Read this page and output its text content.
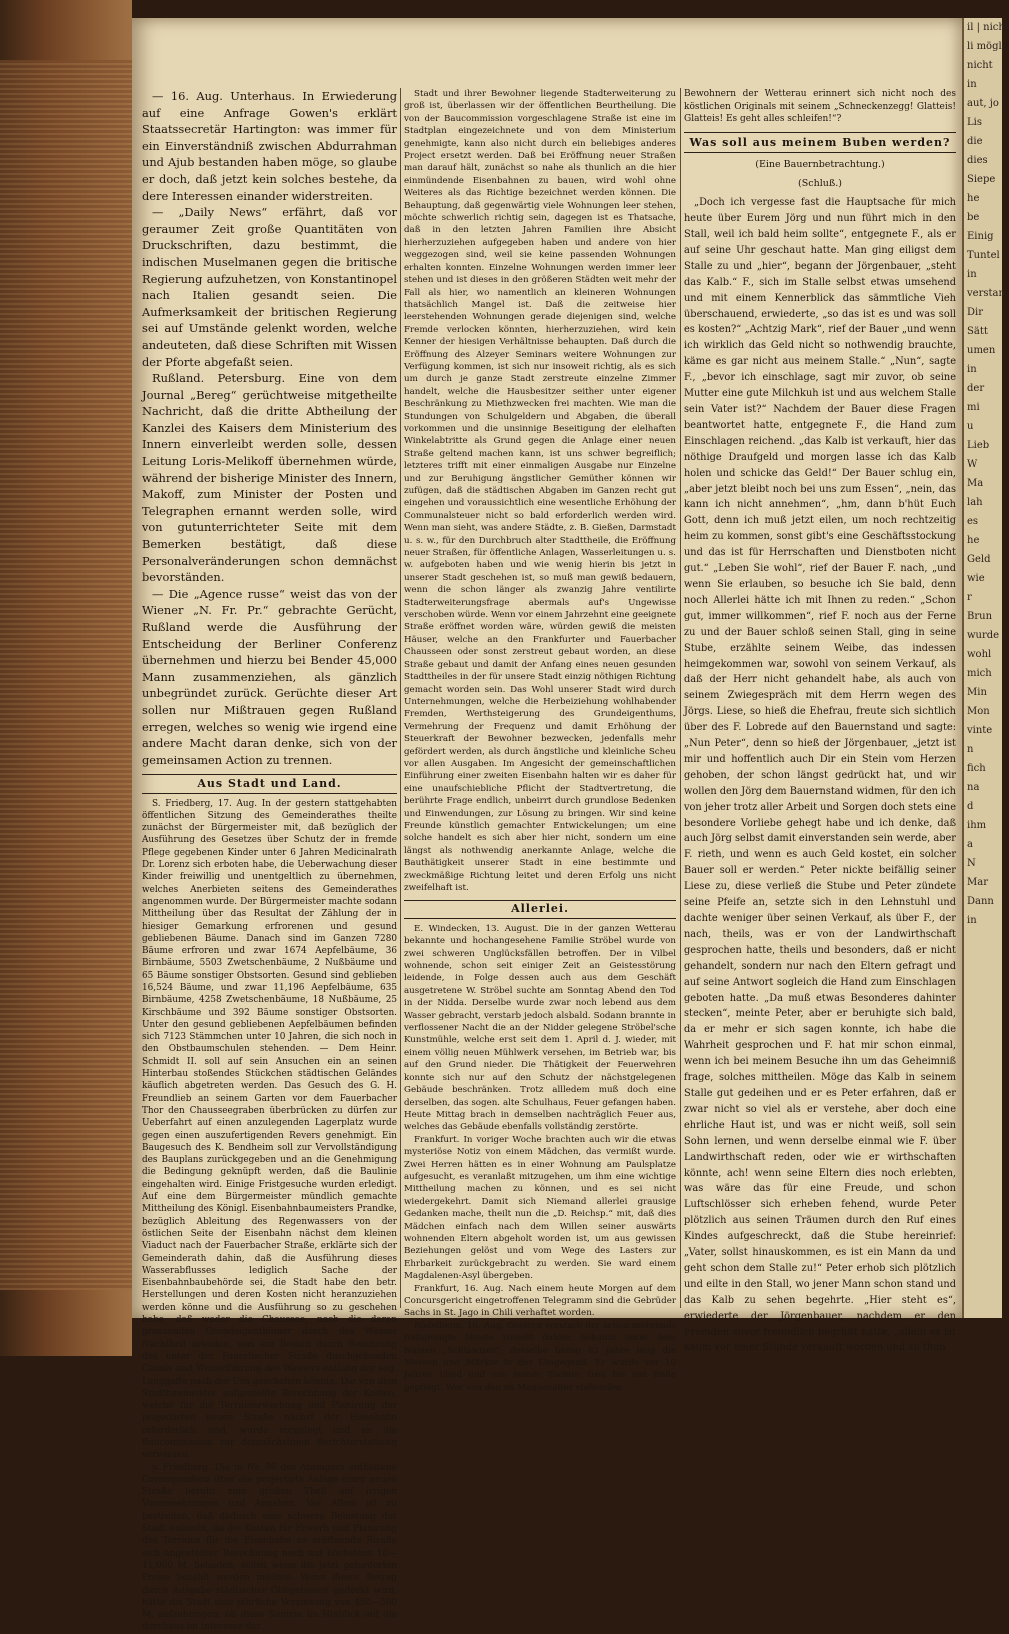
— 16. Aug. Unterhaus. In Erwiederung auf eine Anfrage Gowen's erklärt Staatssecretär Hartington: was immer für ein Einverständniß zwischen Abdurrahman und Ajub bestanden haben möge, so glaube er doch, daß jetzt kein solches bestehe, da dere Interessen einander widerstreiten.

— „Daily News“ erfährt, daß vor geraumer Zeit große Quantitäten von Druckschriften, dazu bestimmt, die indischen Muselmanen gegen die britische Regierung aufzuhetzen, von Konstantinopel nach Italien gesandt seien. Die Aufmerksamkeit der britischen Regierung sei auf Umstände gelenkt worden, welche andeuteten, daß diese Schriften mit Wissen der Pforte abgefaßt seien.

Rußland. Petersburg. Eine von dem Journal „Bereg“ gerüchtweise mitgetheilte Nachricht, daß die dritte Abtheilung der Kanzlei des Kaisers dem Ministerium des Innern einverleibt werden solle, dessen Leitung Loris-Melikoff übernehmen würde, während der bisherige Minister des Innern, Makoff, zum Minister der Posten und Telegraphen ernannt werden solle, wird von gutunterrichteter Seite mit dem Bemerken bestätigt, daß diese Personalveränderungen schon demnächst bevorständen.

— Die „Agence russe“ weist das von der Wiener „N. Fr. Pr.“ gebrachte Gerücht, Rußland werde die Ausführung der Entscheidung der Berliner Conferenz übernehmen und hierzu bei Bender 45,000 Mann zusammenziehen, als gänzlich unbegründet zurück. Gerüchte dieser Art sollen nur Mißtrauen gegen Rußland erregen, welches so wenig wie irgend eine andere Macht daran denke, sich von der gemeinsamen Action zu trennen.

Aus Stadt und Land.

S. Friedberg, 17. Aug. In der gestern stattgehabten öffentlichen Sitzung des Gemeinderathes theilte zunächst der Bürgermeister mit, daß bezüglich der Ausführung des Gesetzes über Schutz der in fremde Pflege gegebenen Kinder unter 6 Jahren Medicinalrath Dr. Lorenz sich erboten habe, die Ueberwachung dieser Kinder freiwillig und unentgeltlich zu übernehmen, welches Anerbieten seitens des Gemeinderathes angenommen wurde. Der Bürgermeister machte sodann Mittheilung über das Resultat der Zählung der in hiesiger Gemarkung erfrorenen und gesund gebliebenen Bäume. Danach sind im Ganzen 7280 Bäume erfroren und zwar 1674 Aepfelbäume, 36 Birnbäume, 5503 Zwetschenbäume, 2 Nußbäume und 65 Bäume sonstiger Obstsorten. Gesund sind geblieben 16,524 Bäume, und zwar 11,196 Aepfelbäume, 635 Birnbäume, 4258 Zwetschenbäume, 18 Nußbäume, 25 Kirschbäume und 392 Bäume sonstiger Obstsorten. Unter den gesund gebliebenen Aepfelbäumen befinden sich 7123 Stämmchen unter 10 Jahren, die sich noch in den Obstbaumschulen stehenden. — Dem Heinr. Schmidt II. soll auf sein Ansuchen ein an seinen Hinterbau stoßendes Stückchen städtischen Geländes käuflich abgetreten werden. Das Gesuch des G. H. Freundlieb an seinem Garten vor dem Fauerbacher Thor den Chausseegraben überbrücken zu dürfen zur Ueberfahrt auf einen anzulegenden Lagerplatz wurde gegen einen auszufertigenden Revers genehmigt. Ein Baugesuch des K. Bendheim soll zur Vervollständigung des Bauplans zurückgegeben und an die Genehmigung die Bedingung geknüpft werden, daß die Baulinie eingehalten wird. Einige Fristgesuche wurden erledigt. Auf eine dem Bürgermeister mündlich gemachte Mittheilung des Königl. Eisenbahnbaumeisters Prandke, bezüglich Ableitung des Regenwassers von der östlichen Seite der Eisenbahn nächst dem kleinen Viaduct nach der Fauerbacher Straße, erklärte sich der Gemeinderath dahin, daß die Ausführung dieses Wasserabflusses lediglich Sache der Eisenbahnbaubehörde sei, die Stadt habe den betr. Herstellungen und deren Kosten nicht heranzuziehen werden könne und die Ausführung so zu geschehen habe, daß weder die Chaussee, noch die daran grenzenden Grundeigenthümer durch das Wasser Nachtheil erleiden, was am Besten durch Benutzung des unter der Fauerbacher Straße durchgehenden Canals und Weiterführung des Wassers entlang der sog. Langgaffe nach der Usa geschehen könnte. Die von dem Stadtbaumeister aufgestellte Berechnung der Kosten, welche für die Terrainerwerbung und Planirung der projectirten neuen Straße nächst der Eisenbahn erforderlich sind, wurde vorgelegt und an die Baucommission zur demnächstigen Berichterstattung verwiesen.

y. Friedberg. Die in Nr. 96 des Anzeigers enthaltene Correspondenz über die projectirte Anlage einer neuen Straße beruht zum großen Theil auf irrigen Voraussetzungen und Angaben. Vor Allem ist zu bestreiten, daß dadurch eine schwere Belastung der Stadt entsteht, da die Kosten für Erwerb und Planirung des Terrains für die Eisenbahn zu eröffnende Straße sich angestellter Berechnung nach auf höchstens 10—11,000 M. belaufen, selbst wenn die jetzt geforderten Preise bezahlt werden müßten. Wenn dieser Betrag durch Ausgabe städtischer Obligationen gedeckt wird, hätte die Stadt eine jährliche Verzinsung von 450—500 M. aufzubringen; ob diese Summe im Hinblick auf die durchaus im Interesse der

Stadt und ihrer Bewohner liegende Stadterweiterung zu groß ist, überlassen wir der öffentlichen Beurtheilung. Die von der Baucommission vorgeschlagene Straße ist eine im Stadtplan eingezeichnete und von dem Ministerium genehmigte, kann also nicht durch ein beliebiges anderes Project ersetzt werden. Daß bei Eröffnung neuer Straßen man darauf hält, zunächst so nahe als thunlich an die hier einmündende Eisenbahnen zu bauen, wird wohl ohne Weiteres als das Richtige bezeichnet werden können. Die Behauptung, daß gegenwärtig viele Wohnungen leer stehen, möchte schwerlich richtig sein, dagegen ist es Thatsache, daß in den letzten Jahren Familien ihre Absicht hierherzuziehen aufgegeben haben und andere von hier weggezogen sind, weil sie keine passenden Wohnungen erhalten konnten. Einzelne Wohnungen werden immer leer stehen und ist dieses in den größeren Städten weit mehr der Fall als hier, wo namentlich an kleineren Wohnungen thatsächlich Mangel ist. Daß die zeitweise hier leerstehenden Wohnungen gerade diejenigen sind, welche Fremde verlocken könnten, hierherzuziehen, wird kein Kenner der hiesigen Verhältnisse behaupten. Daß durch die Eröffnung des Alzeyer Seminars weitere Wohnungen zur Verfügung kommen, ist sich nur insoweit richtig, als es sich um durch je ganze Stadt zerstreute einzelne Zimmer handelt, welche die Hausbesitzer seither unter eigener Beschränkung zu Miethzwecken frei machten. Wie man die Stundungen von Schulgeldern und Abgaben, die überall vorkommen und die unsinnige Beseitigung der elelhaften Winkelabtritte als Grund gegen die Anlage einer neuen Straße geltend machen kann, ist uns schwer begreiflich; letzteres trifft mit einer einmaligen Ausgabe nur Einzelne und zur Beruhigung ängstlicher Gemüther können wir zufügen, daß die städtischen Abgaben im Ganzen recht gut eingehen und voraussichtlich eine wesentliche Erhöhung der Communalsteuer nicht so bald erforderlich werden wird. Wenn man sieht, was andere Städte, z. B. Gießen, Darmstadt u. s. w., für den Durchbruch alter Stadttheile, die Eröffnung neuer Straßen, für öffentliche Anlagen, Wasserleitungen u. s. w. aufgeboten haben und wie wenig hierin bis jetzt in unserer Stadt geschehen ist, so muß man gewiß bedauern, wenn die schon länger als zwanzig Jahre ventilirte Stadterweiterungsfrage abermals auf's Ungewisse verschoben würde. Wenn vor einem Jahrzehnt eine geeignete Straße eröffnet worden wäre, würden gewiß die meisten Häuser, welche an den Frankfurter und Fauerbacher Chausseen oder sonst zerstreut gebaut worden, an diese Straße gebaut und damit der Anfang eines neuen gesunden Stadttheiles in der für unsere Stadt einzig nöthigen Richtung gemacht worden sein. Das Wohl unserer Stadt wird durch Unternehmungen, welche die Herbeiziehung wohlhabender Fremden, Werthsteigerung des Grundeigenthums, Vermehrung der Frequenz und damit Erhöhung der Steuerkraft der Bewohner bezwecken, jedenfalls mehr gefördert werden, als durch ängstliche und kleinliche Scheu vor allen Ausgaben. Im Angesicht der gemeinschaftlichen Einführung einer zweiten Eisenbahn halten wir es daher für eine unaufschiebliche Pflicht der Stadtvertretung, die berührte Frage endlich, unbeirrt durch grundlose Bedenken und Einwendungen, zur Lösung zu bringen. Wir sind keine Freunde künstlich gemachter Entwickelungen; um eine solche handelt es sich aber hier nicht, sondern um eine längst als nothwendig anerkannte Anlage, welche die Bauthätigkeit unserer Stadt in eine bestimmte und zweckmäßige Richtung leitet und deren Erfolg uns nicht zweifelhaft ist.

Allerlei.

E. Windecken, 13. August. Die in der ganzen Wetterau bekannte und hochangesehene Familie Ströbel wurde von zwei schweren Unglücksfällen betroffen. Der in Vilbel wohnende, schon seit einiger Zeit an Geistesstörung leidende, in Folge dessen auch aus dem Geschäft ausgetretene W. Ströbel suchte am Sonntag Abend den Tod in der Nidda. Derselbe wurde zwar noch lebend aus dem Wasser gebracht, verstarb jedoch alsbald. Sodann brannte in verflossener Nacht die an der Nidder gelegene Ströbel'sche Kunstmühle, welche erst seit dem 1. April d. J. wieder, mit einem völlig neuen Mühlwerk versehen, im Betrieb war, bis auf den Grund nieder. Die Thätigkeit der Feuerwehren konnte sich nur auf den Schutz der nächstgelegenen Gebäude beschränken. Trotz allledem muß doch eine derselben, das sogen. alte Schulhaus, Feuer gefangen haben. Heute Mittag brach in demselben nachträglich Feuer aus, welches das Gebäude ebenfalls vollständig zerstörte.

Frankfurt. In voriger Woche brachten auch wir die etwas mysteriöse Notiz von einem Mädchen, das vermißt wurde. Zwei Herren hätten es in einer Wohnung am Paulsplatze aufgesucht, es veranlaßt mitzugehen, um ihm eine wichtige Mittheilung machen zu können, und es sei nicht wiedergekehrt. Damit sich Niemand allerlei grausige Gedanken mache, theilt nun die „D. Reichsp.“ mit, daß dies Mädchen einfach nach dem Willen seiner auswärts wohnenden Eltern abgeholt worden ist, um aus gewissen Beziehungen gelöst und vom Wege des Lasters zur Ehrbarkeit zurückgebracht zu werden. Sie ward einem Magdalenen-Asyl übergeben.

Frankfurt, 16. Aug. Nach einem heute Morgen auf dem Concursgericht eingetroffenen Telegramm sind die Gebrüder Sachs in St. Jago in Chili verhaftet worden.

Rödelheim, 16. Aug. Gestern verstarb der schon mehrmals todtgesagte älteste Israelit dahier, bekannt unter dem Namen „Schlawizer“; derselbe bezog 62 Jahre lang die Messen und Märkte in der Umgegend. Er wurde vor 10 Jahren blind und von seiner Tochter treu bis ans Ende gepflegt. Wer von den im Mannesalter stehenden

Bewohnern der Wetterau erinnert sich nicht noch des köstlichen Originals mit seinem „Schneckenzegg! Glatteis! Glatteis! Es geht alles schleifen!“?

Was soll aus meinem Buben werden?
(Eine Bauernbetrachtung.)
(Schluß.)

„Doch ich vergesse fast die Hauptsache für mich heute über Eurem Jörg und nun führt mich in den Stall, weil ich bald heim sollte“, entgegnete F., als er auf seine Uhr geschaut hatte. Man ging eiligst dem Stalle zu und „hier“, begann der Jörgenbauer, „steht das Kalb.“ F., sich im Stalle selbst etwas umsehend und mit einem Kennerblick das sämmtliche Vieh überschauend, erwiederte, „so das ist es und was soll es kosten?“ „Achtzig Mark“, rief der Bauer „und wenn ich wirklich das Geld nicht so nothwendig brauchte, käme es gar nicht aus meinem Stalle.“ „Nun“, sagte F., „bevor ich einschlage, sagt mir zuvor, ob seine Mutter eine gute Milchkuh ist und aus welchem Stalle sein Vater ist?“ Nachdem der Bauer diese Fragen beantwortet hatte, entgegnete F., die Hand zum Einschlagen reichend. „das Kalb ist verkauft, hier das nöthige Draufgeld und morgen lasse ich das Kalb holen und schicke das Geld!“ Der Bauer schlug ein, „aber jetzt bleibt noch bei uns zum Essen“, „nein, das kann ich nicht annehmen“, „hm, dann b'hüt Euch Gott, denn ich muß jetzt eilen, um noch rechtzeitig heim zu kommen, sonst gibt's eine Geschäftsstockung und das ist für Herrschaften und Dienstboten nicht gut.“ „Leben Sie wohl“, rief der Bauer F. nach, „und wenn Sie erlauben, so besuche ich Sie bald, denn noch Allerlei hätte ich mit Ihnen zu reden.“ „Schon gut, immer willkommen“, rief F. noch aus der Ferne zu und der Bauer schloß seinen Stall, ging in seine Stube, erzählte seinem Weibe, das indessen heimgekommen war, sowohl von seinem Verkauf, als daß der Herr nicht gehandelt habe, als auch von seinem Zwiegespräch mit dem Herrn wegen des Jörgs. Liese, so hieß die Ehefrau, freute sich sichtlich über des F. Lobrede auf den Bauernstand und sagte: „Nun Peter“, denn so hieß der Jörgenbauer, „jetzt ist mir und hoffentlich auch Dir ein Stein vom Herzen gehoben, der schon längst gedrückt hat, und wir wollen den Jörg dem Bauernstand widmen, für den ich von jeher trotz aller Arbeit und Sorgen doch stets eine besondere Vorliebe gehegt habe und ich denke, daß auch Jörg selbst damit einverstanden sein werde, aber F. rieth, und wenn es auch Geld kostet, ein solcher Bauer soll er werden.“ Peter nickte beifällig seiner Liese zu, diese verließ die Stube und Peter zündete seine Pfeife an, setzte sich in den Lehnstuhl und dachte weniger über seinen Verkauf, als über F., der nach, theils, was er von der Landwirthschaft gesprochen hatte, theils und besonders, daß er nicht gehandelt, sondern nur nach den Eltern gefragt und auf seine Antwort sogleich die Hand zum Einschlagen geboten hatte. „Da muß etwas Besonderes dahinter stecken“, meinte Peter, aber er beruhigte sich bald, da er mehr er sich sagen konnte, ich habe die Wahrheit gesprochen und F. hat mir schon einmal, wenn ich bei meinem Besuche ihn um das Geheimniß frage, solches mittheilen. Möge das Kalb in seinem Stalle gut gedeihen und er es Peter erfahren, daß er zwar nicht so viel als er verstehe, aber doch eine ehrliche Haut ist, und was er nicht weiß, soll sein Sohn lernen, und wenn derselbe einmal wie F. über Landwirthschaft reden, oder wie er wirthschaften könnte, ach! wenn seine Eltern dies noch erlebten, was wäre das für eine Freude, und schon Luftschlösser sich erheben fehend, wurde Peter plötzlich aus seinen Träumen durch den Ruf eines Kindes aufgeschreckt, daß die Stube hereinrief: „Vater, sollst hinauskommen, es ist ein Mann da und geht schon dem Stalle zu!“ Peter erhob sich plötzlich und eilte in den Stall, wo jener Mann schon stand und das Kalb zu sehen begehrte. „Hier steht es“, erwiederte der Jörgenbauer, nachdem er den Fremden zuvor freundlich begrüßt hatte, „allein es ist kaum vor einer Stunde verkauft worden und zu thun

il | nicht
li mögl
nicht
in
aut, jo
Lis
die
dies
Siepe
he
be
Einig
Tuntel
in
verstan
Dir
Sätt
umen
in
der
mi
u
Lieb
W
Ma
lah
es
he
Geld
wie
r
Brun
wurde
wohl
mich
Min
Mon
vinte
n
fich
na
d
ihm
a
N
Mar
Dann
in
